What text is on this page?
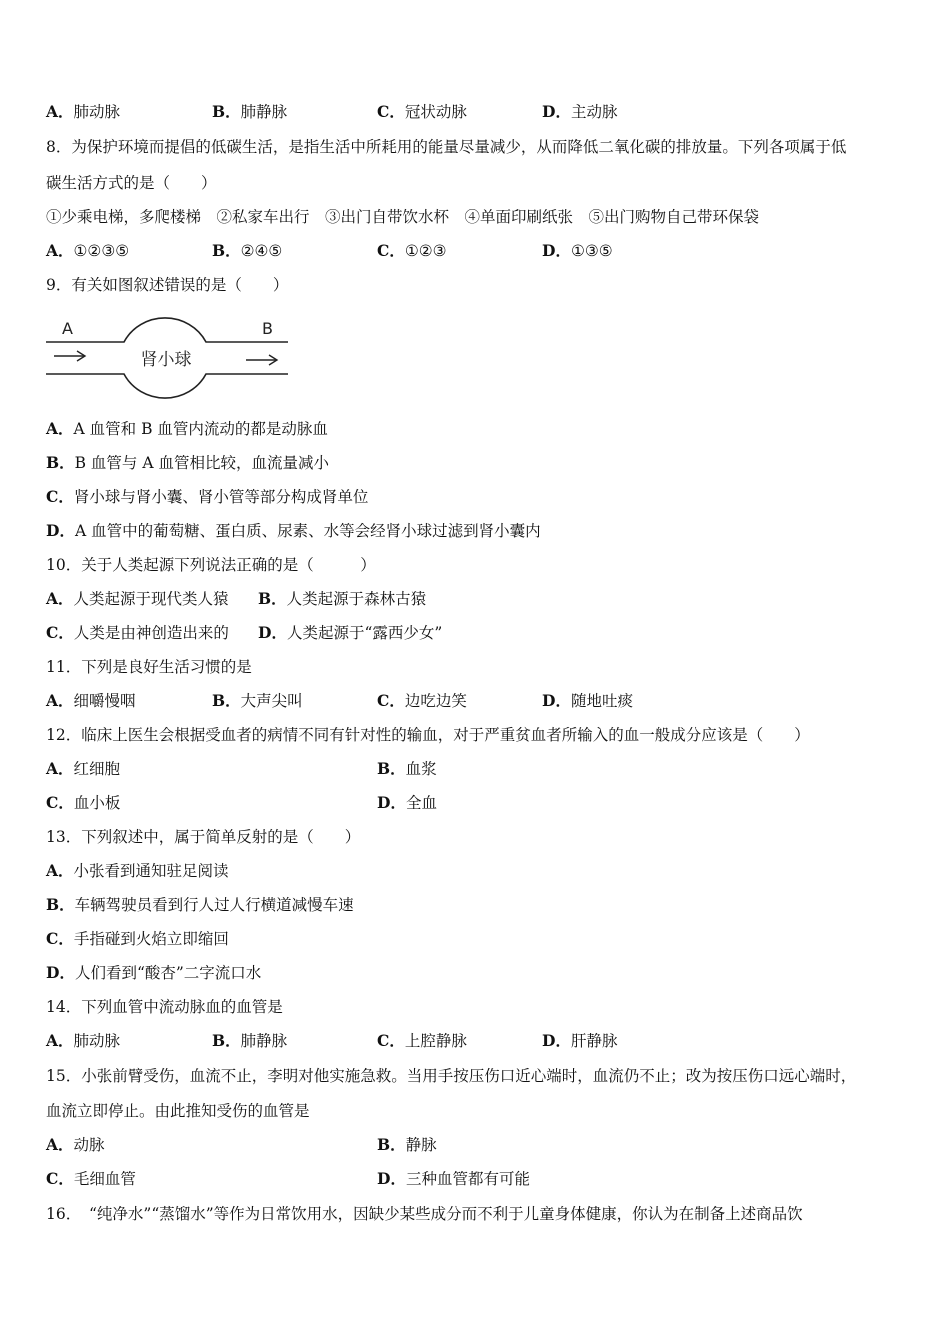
A．肺动脉	B．肺静脉	C．冠状动脉	D．主动脉
8．为保护环境而提倡的低碳生活，是指生活中所耗用的能量尽量减少，从而降低二氧化碳的排放量。下列各项属于低
碳生活方式的是（　　）
①少乘电梯，多爬楼梯　②私家车出行　③出门自带饮水杯　④单面印刷纸张　⑤出门购物自己带环保袋
A．①②③⑤	B．②④⑤	C．①②③	D．①③⑤
9．有关如图叙述错误的是（　　）
A	B
肾小球
A．A 血管和 B 血管内流动的都是动脉血
B．B 血管与 A 血管相比较，血流量减小
C．肾小球与肾小囊、肾小管等部分构成肾单位
D．A 血管中的葡萄糖、蛋白质、尿素、水等会经肾小球过滤到肾小囊内
10．关于人类起源下列说法正确的是（　　　）
A．人类起源于现代类人猿 B．人类起源于森林古猿
C．人类是由神创造出来的 D．人类起源于“露西少女”
11．下列是良好生活习惯的是
A．细嚼慢咽	B．大声尖叫	C．边吃边笑	D．随地吐痰
12．临床上医生会根据受血者的病情不同有针对性的输血，对于严重贫血者所输入的血一般成分应该是（　　）
A．红细胞	B．血浆
C．血小板	D．全血
13．下列叙述中，属于简单反射的是（　　）
A．小张看到通知驻足阅读
B．车辆驾驶员看到行人过人行横道减慢车速
C．手指碰到火焰立即缩回
D．人们看到“酸杏”二字流口水
14．下列血管中流动脉血的血管是
A．肺动脉	B．肺静脉	C．上腔静脉	D．肝静脉
15．小张前臂受伤，血流不止，李明对他实施急救。当用手按压伤口近心端时，血流仍不止；改为按压伤口远心端时，
血流立即停止。由此推知受伤的血管是
A．动脉	B．静脉
C．毛细血管	D．三种血管都有可能
16．　“纯净水”“蒸馏水”等作为日常饮用水，因缺少某些成分而不利于儿童身体健康，你认为在制备上述商品饮
